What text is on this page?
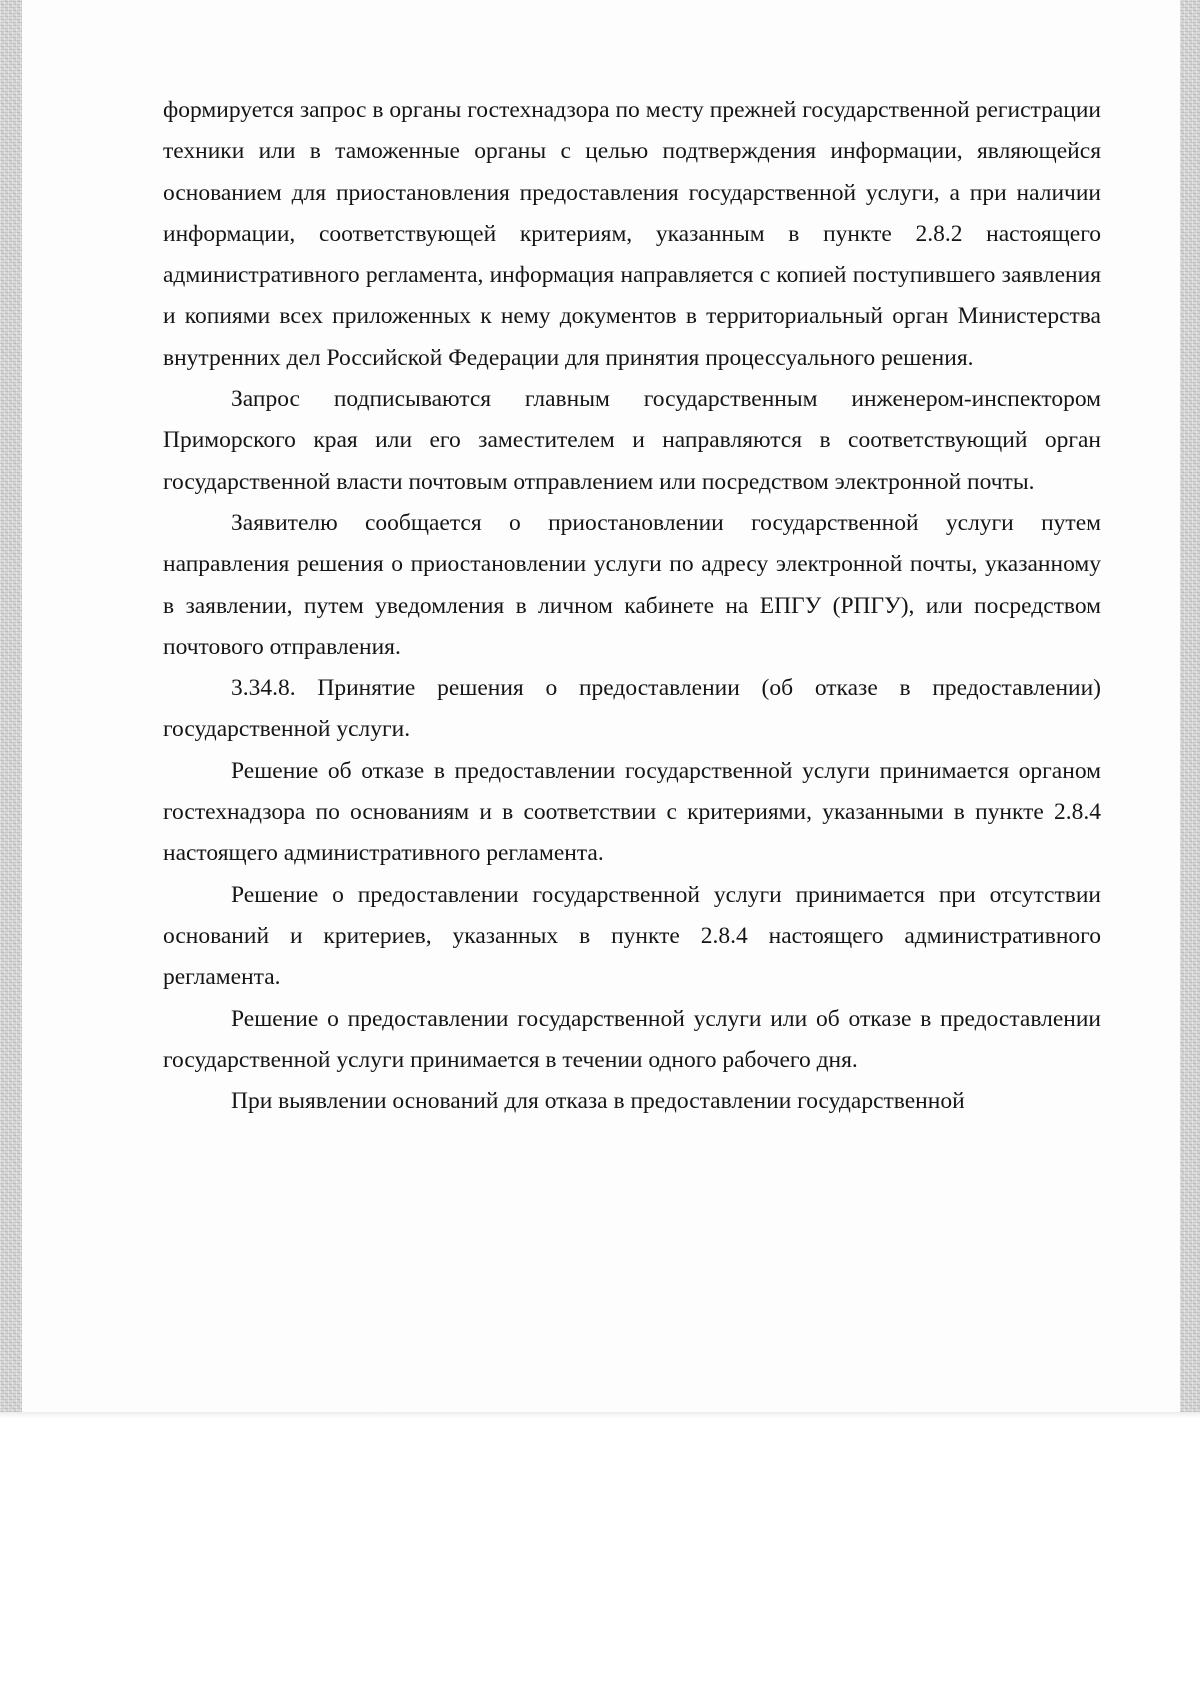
формируется запрос в органы гостехнадзора по месту прежней государственной регистрации техники или в таможенные органы с целью подтверждения информации, являющейся основанием для приостановления предоставления государственной услуги, а при наличии информации, соответствующей критериям, указанным в пункте 2.8.2 настоящего административного регламента, информация направляется с копией поступившего заявления и копиями всех приложенных к нему документов в территориальный орган Министерства внутренних дел Российской Федерации для принятия процессуального решения.

Запрос подписываются главным государственным инженером-инспектором Приморского края или его заместителем и направляются в соответствующий орган государственной власти почтовым отправлением или посредством электронной почты.

Заявителю сообщается о приостановлении государственной услуги путем направления решения о приостановлении услуги по адресу электронной почты, указанному в заявлении, путем уведомления в личном кабинете на ЕПГУ (РПГУ), или посредством почтового отправления.

3.34.8. Принятие решения о предоставлении (об отказе в предоставлении) государственной услуги.

Решение об отказе в предоставлении государственной услуги принимается органом гостехнадзора по основаниям и в соответствии с критериями, указанными в пункте 2.8.4 настоящего административного регламента.

Решение о предоставлении государственной услуги принимается при отсутствии оснований и критериев, указанных в пункте 2.8.4 настоящего административного регламента.

Решение о предоставлении государственной услуги или об отказе в предоставлении государственной услуги принимается в течении одного рабочего дня.

При выявлении оснований для отказа в предоставлении государственной
